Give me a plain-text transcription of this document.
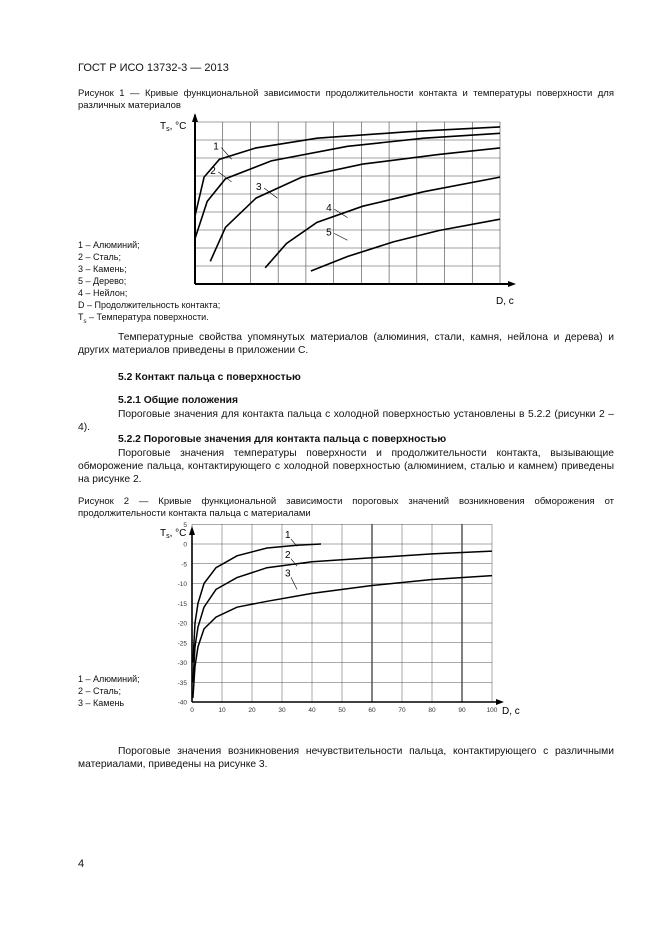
ГОСТ Р ИСО 13732-3 — 2013
Рисунок 1 — Кривые функциональной зависимости продолжительности контакта и температуры поверхности для различных материалов
1
2
3
4
5
$Т_s$, °C
D, с
1 – Алюминий;
2 – Сталь;
3 – Камень;
5 – Дерево;
4 – Нейлон;
D – Продолжительность контакта;
$Т_s$ – Температура поверхности.
Температурные свойства упомянутых материалов (алюминия, стали, камня, нейлона и дерева) и других материалов приведены в приложении С.
5.2 Контакт пальца с поверхностью
5.2.1 Общие положения
Пороговые значения для контакта пальца с холодной поверхностью установлены в 5.2.2 (рисунки 2 – 4).
5.2.2 Пороговые значения для контакта пальца с поверхностью
Пороговые значения температуры поверхности и продолжительности контакта, вызывающие обморожение пальца, контактирующего с холодной поверхностью (алюминием, сталью и камнем) приведены на рисунке 2.
Рисунок 2 — Кривые функциональной зависимости пороговых значений возникновения обморожения от продолжительности контакта пальца с материалами
0	10	20	30	40	50	60	70	80	90	100
5
0
-5
-10
-15
-20
-25
-30
-35
-40
1
2
3
$Т_s$, °C
D, с
1 – Алюминий;
2 – Сталь;
3 – Камень
Пороговые значения возникновения нечувствительности пальца, контактирующего с различными материалами, приведены на рисунке 3.
4
